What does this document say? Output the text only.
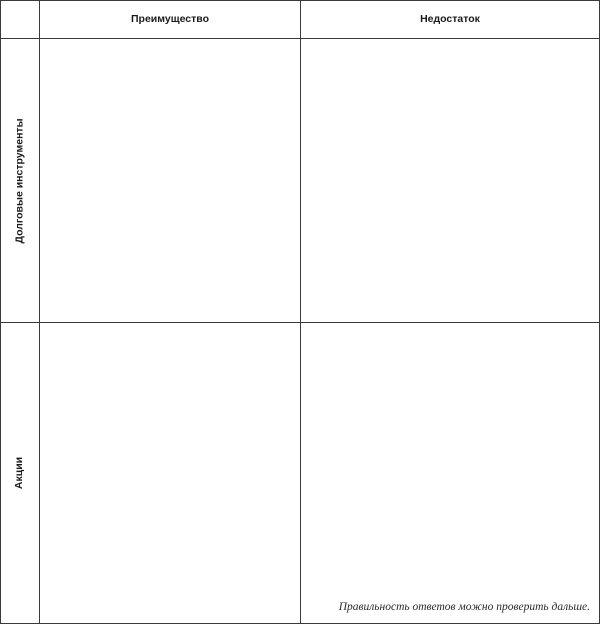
Преимущество	Недостаток
Долговые инструменты
Акции
Правильность ответов можно проверить дальше.
